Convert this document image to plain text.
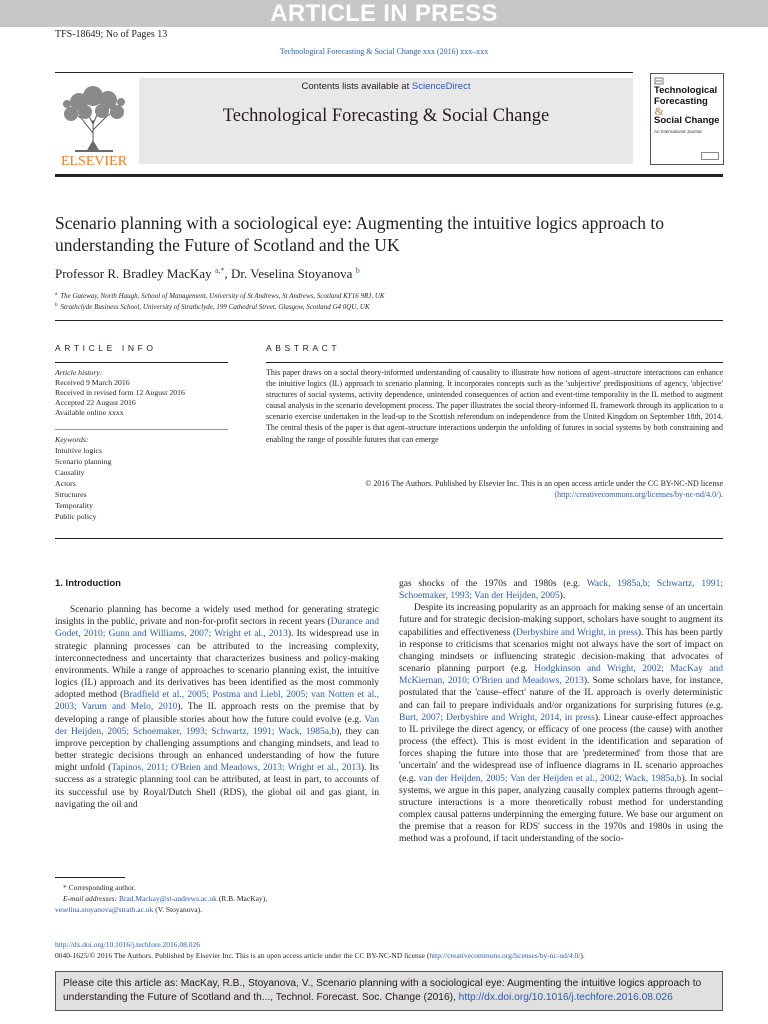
ARTICLE IN PRESS
TFS-18649; No of Pages 13
Technological Forecasting & Social Change xxx (2016) xxx–xxx
ELSEVIER
Contents lists available at ScienceDirect
Technological Forecasting & Social Change
Technological
Forecasting
&
Social Change
An International Journal
Scenario planning with a sociological eye: Augmenting the intuitive logics approach to understanding the Future of Scotland and the UK
Professor R. Bradley MacKay $^{a,*}$, Dr. Veselina Stoyanova $^b$
$^a$ The Gateway, North Haugh, School of Management, University of St Andrews, St Andrews, Scotland KY16 9RJ, UK
$^b$ Strathclyde Business School, University of Strathclyde, 199 Cathedral Street, Glasgow, Scotland G4 0QU, UK
ARTICLE INFO	ABSTRACT
Article history:
Received 9 March 2016
Received in revised form 12 August 2016
Accepted 22 August 2016
Available online xxxx
Keywords:
Intuitive logics
Scenario planning
Causality
Actors
Structures
Temporality
Public policy
This paper draws on a social theory-informed understanding of causality to illustrate how notions of agent–structure interactions can enhance the intuitive logics (IL) approach to scenario planning. It incorporates concepts such as the 'subjective' predispositions of agency, 'objective' structures of social systems, activity dependence, unintended consequences of action and event-time temporality in the IL method to augment causal analysis in the scenario development process. The paper illustrates the social theory-informed IL framework through its application to a scenario exercise undertaken in the lead-up to the Scottish referendum on independence from the United Kingdom on September 18th, 2014. The central thesis of the paper is that agent–structure interactions underpin the unfolding of futures in social systems by both constraining and enabling the range of possible futures that can emerge
© 2016 The Authors. Published by Elsevier Inc. This is an open access article under the CC BY-NC-ND license
(http://creativecommons.org/licenses/by-nc-nd/4.0/).
1. Introduction

Scenario planning has become a widely used method for generating strategic insights in the public, private and non-for-profit sectors in recent years (Durance and Godet, 2010; Gunn and Williams, 2007; Wright et al., 2013). Its widespread use in strategic planning processes can be attributed to the increasing complexity, interconnectedness and uncertainty that characterizes business and policy-making environments. While a range of approaches to scenario planning exist, the intuitive logics (IL) approach and its derivatives has been identified as the most commonly adopted method (Bradfield et al., 2005; Postma and Liebl, 2005; van Notten et al., 2003; Varum and Melo, 2010). The IL approach rests on the premise that by developing a range of plausible stories about how the future could evolve (e.g. Van der Heijden, 2005; Schoemaker, 1993; Schwartz, 1991; Wack, 1985a,b), they can improve perception by challenging assumptions and changing mindsets, and lead to better strategic decisions through an enhanced understanding of how the future might unfold (Tapinos, 2011; O'Brien and Meadows, 2013; Wright et al., 2013). Its success as a strategic planning tool can be attributed, at least in part, to accounts of its successful use by Royal/Dutch Shell (RDS), the global oil and gas giant, in navigating the oil and

gas shocks of the 1970s and 1980s (e.g. Wack, 1985a,b; Schwartz, 1991; Schoemaker, 1993; Van der Heijden, 2005).

Despite its increasing popularity as an approach for making sense of an uncertain future and for strategic decision-making support, scholars have sought to augment its capabilities and effectiveness (Derbyshire and Wright, in press). This has been partly in response to criticisms that scenarios might not always have the sort of impact on changing mindsets or influencing strategic decision-making that advocates of scenario planning purport (e.g. Hodgkinson and Wright, 2002; MacKay and McKiernan, 2010; O'Brien and Meadows, 2013). Some scholars have, for instance, postulated that the 'cause–effect' nature of the IL approach is overly deterministic and can fail to prepare individuals and/or organizations for surprising futures (e.g. Burt, 2007; Derbyshire and Wright, 2014, in press). Linear cause-effect approaches to IL privilege the direct agency, or efficacy of one process (the cause) with another process (the effect). This is most evident in the identification and separation of forces shaping the future into those that are 'predetermined' from those that are 'uncertain' and the widespread use of influence diagrams in IL scenario approaches (e.g. van der Heijden, 2005; Van der Heijden et al., 2002; Wack, 1985a,b). In social systems, we argue in this paper, analyzing causally complex patterns through agent–structure interactions is a more theoretically robust method for understanding complex causal patterns underpinning the emerging future. We base our argument on the premise that a reason for RDS' success in the 1970s and 1980s in using the method was a profound, if tacit understanding of the socio-

* Corresponding author.
E-mail addresses: Brad.Mackay@st-andrews.ac.uk (R.B. MacKay),
veselina.stoyanova@strath.ac.uk (V. Stoyanova).
http://dx.doi.org/10.1016/j.techfore.2016.08.026
0040-1625/© 2016 The Authors. Published by Elsevier Inc. This is an open access article under the CC BY-NC-ND license (http://creativecommons.org/licenses/by-nc-nd/4.0/).
Please cite this article as: MacKay, R.B., Stoyanova, V., Scenario planning with a sociological eye: Augmenting the intuitive logics approach to understanding the Future of Scotland and th..., Technol. Forecast. Soc. Change (2016), http://dx.doi.org/10.1016/j.techfore.2016.08.026
